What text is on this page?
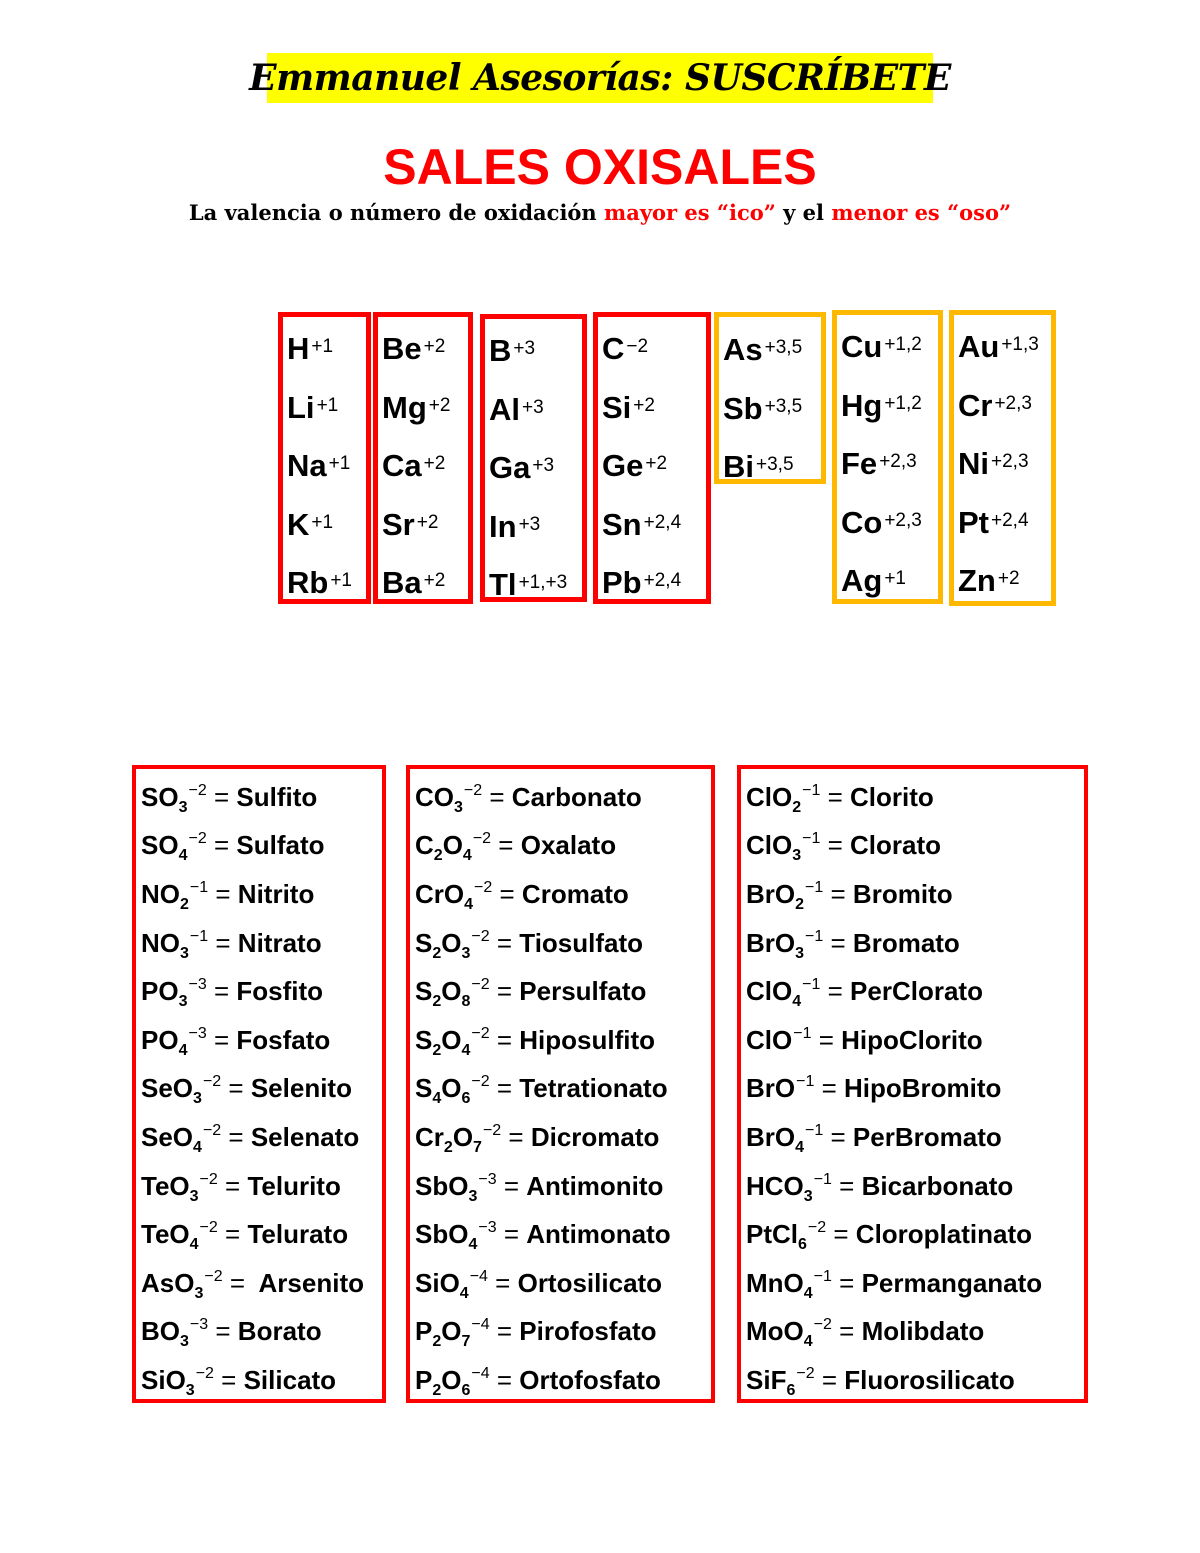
Emmanuel Asesorías: SUSCRÍBETE
SALES OXISALES
La valencia o número de oxidación mayor es “ico” y el menor es “oso”
$H^{+1}$
$Li^{+1}$
$Na^{+1}$
$K^{+1}$
$Rb^{+1}$
$Be^{+2}$
$Mg^{+2}$
$Ca^{+2}$
$Sr^{+2}$
$Ba^{+2}$
$B^{+3}$
$Al^{+3}$
$Ga^{+3}$
$In^{+3}$
$Tl^{+1,+3}$
$C^{-2}$
$Si^{+2}$
$Ge^{+2}$
$Sn^{+2,4}$
$Pb^{+2,4}$
$As^{+3,5}$
$Sb^{+3,5}$
$Bi^{+3,5}$
$Cu^{+1,2}$
$Hg^{+1,2}$
$Fe^{+2,3}$
$Co^{+2,3}$
$Ag^{+1}$
$Au^{+1,3}$
$Cr^{+2,3}$
$Ni^{+2,3}$
$Pt^{+2,4}$
$Zn^{+2}$
SO 3
−2 = Sulfito
SO 4
−2 = Sulfato
NO 2
−1 = Nitrito
NO 3
−1 = Nitrato
PO 3
−3 = Fosfito
PO 4
−3 = Fosfato
SeO 3
−2 = Selenito
SeO 4
−2 = Selenato
TeO 3
−2 = Telurito
TeO 4
−2 = Telurato
AsO 3
−2 = Arsenito
BO 3
−3 = Borato
SiO 3
−2 = Silicato
CO 3
−2 = Carbonato
C 2 O 4
−2 = Oxalato
CrO 4
−2 = Cromato
S 2 O 3
−2 = Tiosulfato
S 2 O 8
−2 = Persulfato
S 2 O 4
−2 = Hiposulfito
S 4 O 6
−2 = Tetrationato
Cr 2 O 7
−2 = Dicromato
SbO 3
−3 = Antimonito
SbO 4
−3 = Antimonato
SiO 4
−4 = Ortosilicato
P 2 O 7
−4 = Pirofosfato
P 2 O 6
−4 = Ortofosfato
ClO 2
−1 = Clorito
ClO 3
−1 = Clorato
BrO 2
−1 = Bromito
BrO 3
−1 = Bromato
ClO 4
−1 = PerClorato
ClO −1 = HipoClorito
BrO −1 = HipoBromito
BrO 4
−1 = PerBromato
HCO 3
−1 = Bicarbonato
PtCl 6
−2 = Cloroplatinato
MnO 4
−1 = Permanganato
MoO 4
−2 = Molibdato
SiF 6
−2 = Fluorosilicato
